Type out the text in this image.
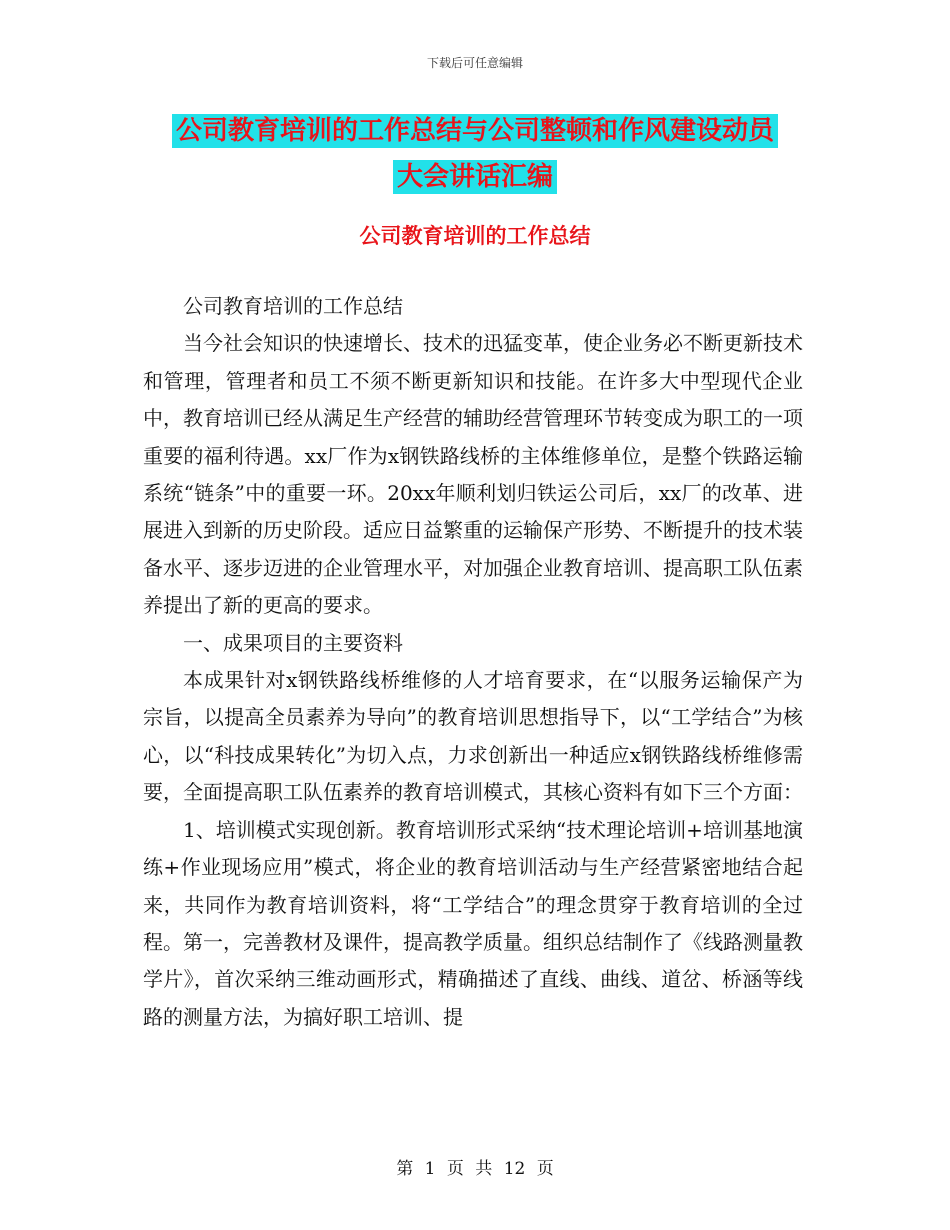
下载后可任意编辑
公司教育培训的工作总结与公司整顿和作风建设动员
大会讲话汇编
公司教育培训的工作总结

公司教育培训的工作总结

当今社会知识的快速增长、技术的迅猛变革，使企业务必不断更新技术和管理，管理者和员工不须不断更新知识和技能。在许多大中型现代企业中，教育培训已经从满足生产经营的辅助经营管理环节转变成为职工的一项重要的福利待遇。xx厂作为x钢铁路线桥的主体维修单位，是整个铁路运输系统“链条”中的重要一环。20xx年顺利划归铁运公司后，xx厂的改革、进展进入到新的历史阶段。适应日益繁重的运输保产形势、不断提升的技术装备水平、逐步迈进的企业管理水平，对加强企业教育培训、提高职工队伍素养提出了新的更高的要求。

一、成果项目的主要资料

本成果针对x钢铁路线桥维修的人才培育要求，在“以服务运输保产为宗旨，以提高全员素养为导向”的教育培训思想指导下，以“工学结合”为核心，以“科技成果转化”为切入点，力求创新出一种适应x钢铁路线桥维修需要，全面提高职工队伍素养的教育培训模式，其核心资料有如下三个方面：

1、培训模式实现创新。教育培训形式采纳“技术理论培训+培训基地演练+作业现场应用”模式，将企业的教育培训活动与生产经营紧密地结合起来，共同作为教育培训资料，将“工学结合”的理念贯穿于教育培训的全过程。第一，完善教材及课件，提高教学质量。组织总结制作了《线路测量教学片》，首次采纳三维动画形式，精确描述了直线、曲线、道岔、桥涵等线路的测量方法，为搞好职工培训、提

第 1 页 共 12 页
